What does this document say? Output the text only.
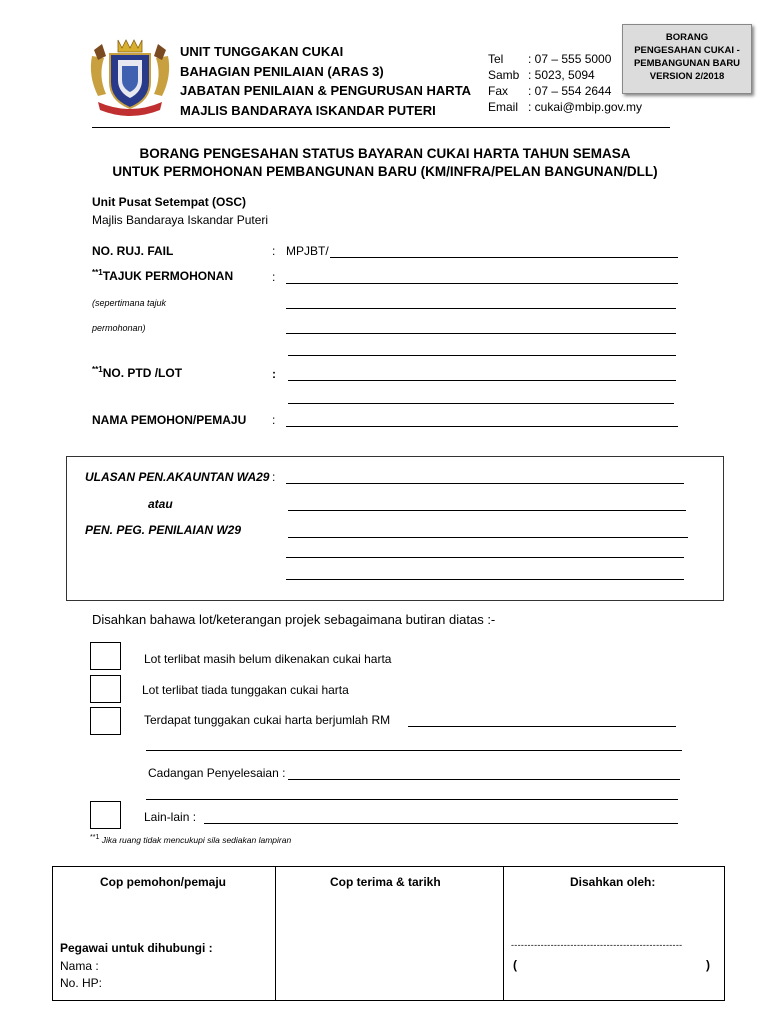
UNIT TUNGGAKAN CUKAI
BAHAGIAN PENILAIAN (ARAS 3)
JABATAN PENILAIAN & PENGURUSAN HARTA
MAJLIS BANDARAYA ISKANDAR PUTERI
Tel : 07 – 555 5000
Samb : 5023, 5094
Fax : 07 – 554 2644
Email : cukai@mbip.gov.my
BORANG
PENGESAHAN CUKAI -
PEMBANGUNAN BARU
VERSION 2/2018
BORANG PENGESAHAN STATUS BAYARAN CUKAI HARTA TAHUN SEMASA
UNTUK PERMOHONAN PEMBANGUNAN BARU (KM/INFRA/PELAN BANGUNAN/DLL)
Unit Pusat Setempat (OSC)
Majlis Bandaraya Iskandar Puteri
NO. RUJ. FAIL	: MPJBT/
$^{**1}$TAJUK PERMOHONAN	:
(sepertimana tajuk
permohonan)
$^{**1}$NO. PTD /LOT	:
NAMA PEMOHON/PEMAJU :
ULASAN PEN.AKAUNTAN WA29 :
atau
PEN. PEG. PENILAIAN W29
Disahkan bahawa lot/keterangan projek sebagaimana butiran diatas :-
Lot terlibat masih belum dikenakan cukai harta
Lot terlibat tiada tunggakan cukai harta
Terdapat tunggakan cukai harta berjumlah RM
Cadangan Penyelesaian :
Lain-lain :
$^{**1}$ Jika ruang tidak mencukupi sila sediakan lampiran
Cop pemohon/pemaju	Cop terima & tarikh	Disahkan oleh:
Pegawai untuk dihubungi :
Nama :
No. HP:
----------------------------------------------------
(	)
